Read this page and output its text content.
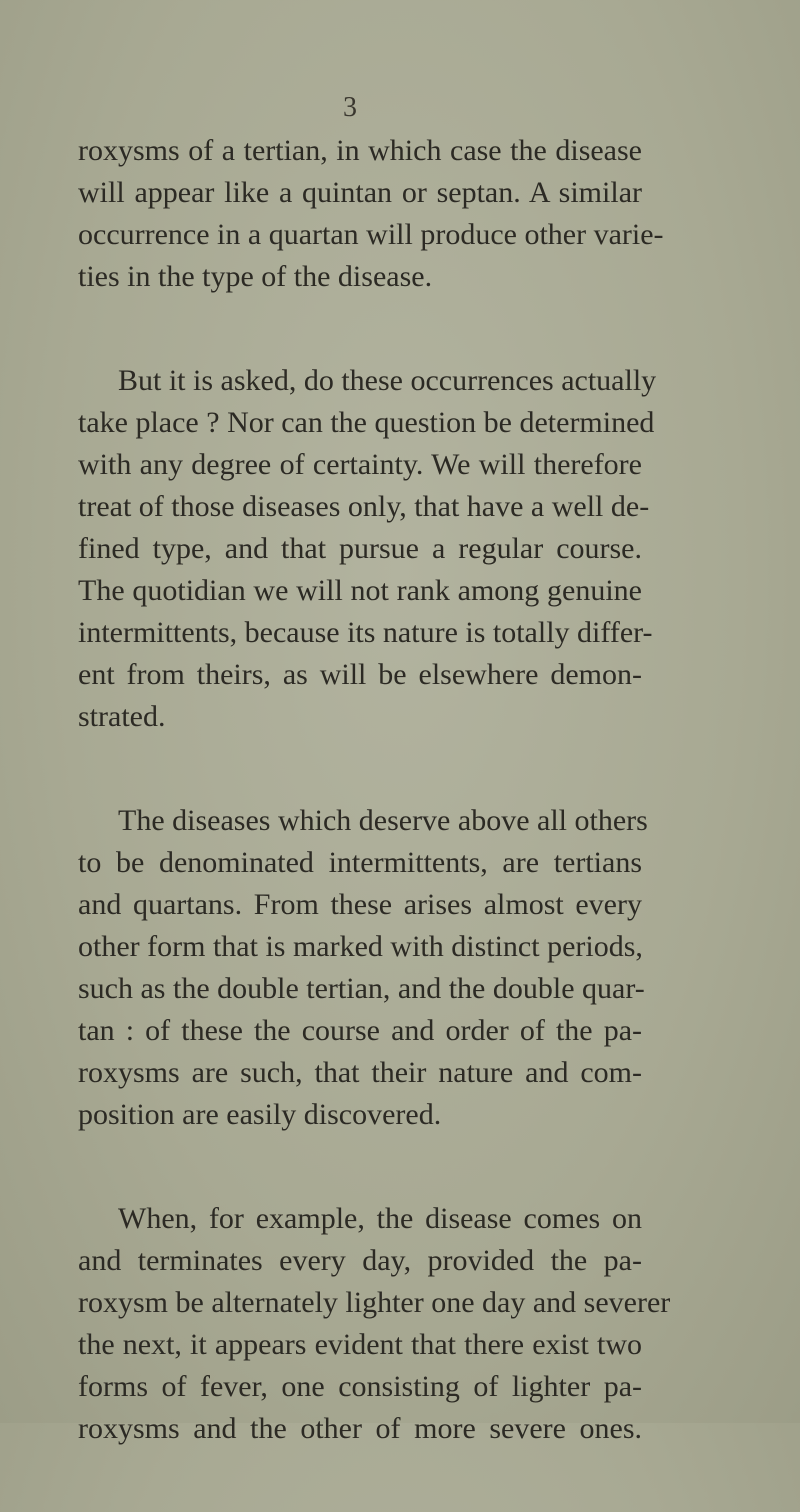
3

roxysms of a tertian, in which case the disease
will appear like a quintan or septan. A similar
occurrence in a quartan will produce other varie-
ties in the type of the disease.

But it is asked, do these occurrences actually
take place ? Nor can the question be determined
with any degree of certainty. We will therefore
treat of those diseases only, that have a well de-
fined type, and that pursue a regular course.
The quotidian we will not rank among genuine
intermittents, because its nature is totally differ-
ent from theirs, as will be elsewhere demon-
strated.

The diseases which deserve above all others
to be denominated intermittents, are tertians
and quartans. From these arises almost every
other form that is marked with distinct periods,
such as the double tertian, and the double quar-
tan : of these the course and order of the pa-
roxysms are such, that their nature and com-
position are easily discovered.

When, for example, the disease comes on
and terminates every day, provided the pa-
roxysm be alternately lighter one day and severer
the next, it appears evident that there exist two
forms of fever, one consisting of lighter pa-
roxysms and the other of more severe ones.
